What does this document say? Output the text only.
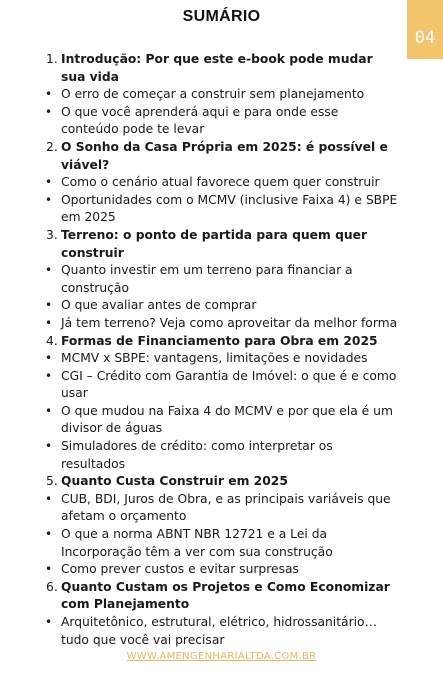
SUMÁRIO
04
1. Introdução: Por que este e-book pode mudar sua vida
• O erro de começar a construir sem planejamento
• O que você aprenderá aqui e para onde esse conteúdo pode te levar
2. O Sonho da Casa Própria em 2025: é possível e viável?
• Como o cenário atual favorece quem quer construir
• Oportunidades com o MCMV (inclusive Faixa 4) e SBPE em 2025
3. Terreno: o ponto de partida para quem quer construir
• Quanto investir em um terreno para financiar a construção
• O que avaliar antes de comprar
• Já tem terreno? Veja como aproveitar da melhor forma
4. Formas de Financiamento para Obra em 2025
• MCMV x SBPE: vantagens, limitações e novidades
• CGI – Crédito com Garantia de Imóvel: o que é e como usar
• O que mudou na Faixa 4 do MCMV e por que ela é um divisor de águas
• Simuladores de crédito: como interpretar os resultados
5. Quanto Custa Construir em 2025
• CUB, BDI, Juros de Obra, e as principais variáveis que afetam o orçamento
• O que a norma ABNT NBR 12721 e a Lei da Incorporação têm a ver com sua construção
• Como prever custos e evitar surpresas
6. Quanto Custam os Projetos e Como Economizar com Planejamento
• Arquitetônico, estrutural, elétrico, hidrossanitário… tudo que você vai precisar
WWW.AMENGENHARIALTDA.COM.BR
